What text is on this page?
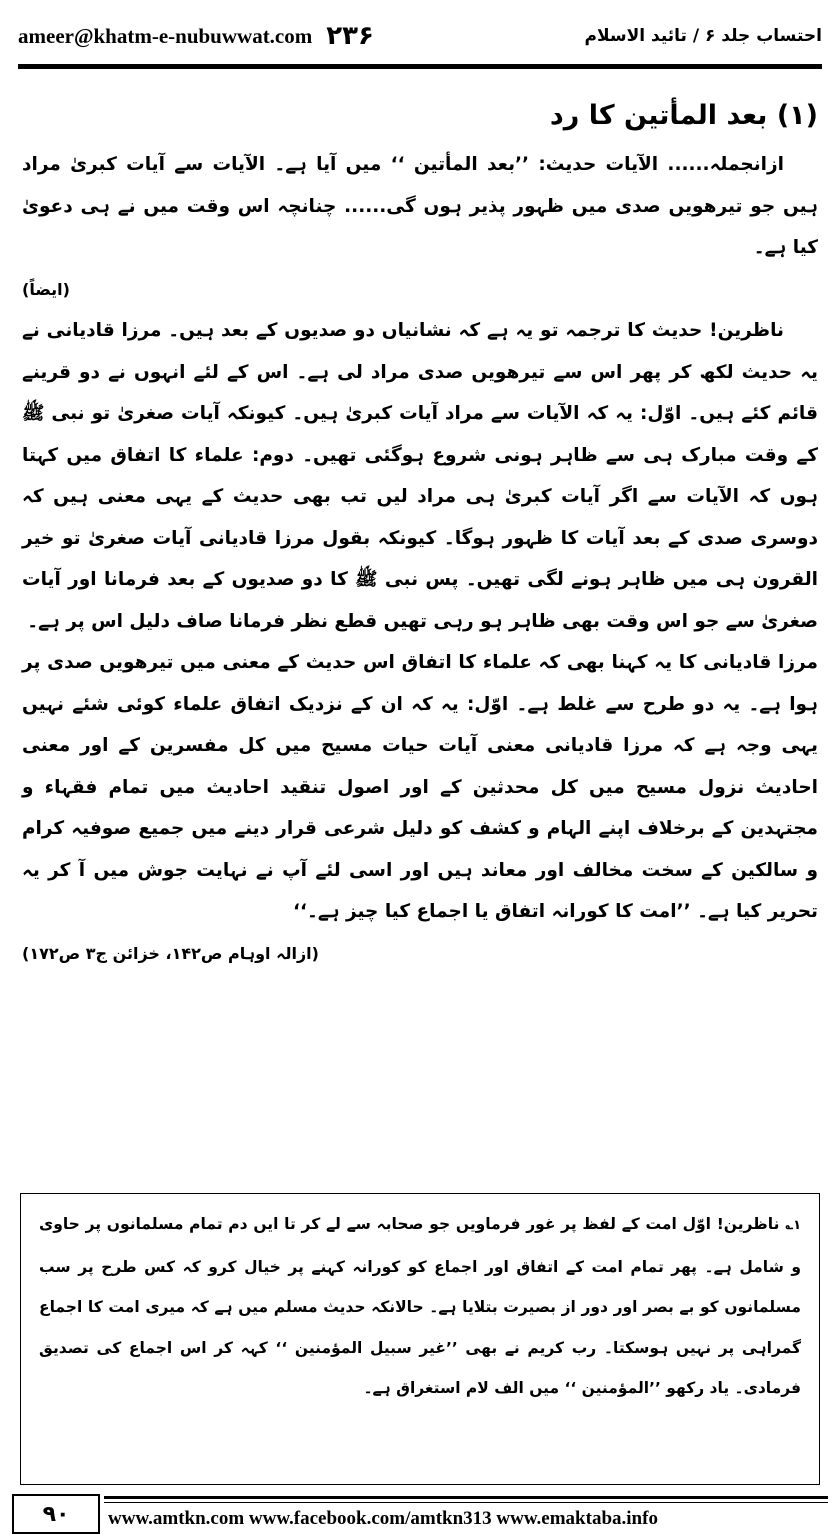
ameer@khatm-e-nubuwwat.com ۲۳۶	احتساب جلد ۶ / تائید الاسلام
(۱) بعد المأتین کا رد

ازانجملہ...... الآیات حدیث: ’’بعد المأتین ‘‘ میں آیا ہے۔ الآیات سے آیات کبریٰ مراد ہیں جو تیرھویں صدی میں ظہور پذیر ہوں گی...... چنانچہ اس وقت میں نے ہی دعویٰ کیا ہے۔

(ایضاً)

ناظرین! حدیث کا ترجمہ تو یہ ہے کہ نشانیاں دو صدیوں کے بعد ہیں۔ مرزا قادیانی نے یہ حدیث لکھ کر پھر اس سے تیرھویں صدی مراد لی ہے۔ اس کے لئے انہوں نے دو قرینے قائم کئے ہیں۔ اوّل: یہ کہ الآیات سے مراد آیات کبریٰ ہیں۔ کیونکہ آیات صغریٰ تو نبی ﷺ کے وقت مبارک ہی سے ظاہر ہونی شروع ہوگئی تھیں۔ دوم: علماء کا اتفاق میں کہتا ہوں کہ الآیات سے اگر آیات کبریٰ ہی مراد لیں تب بھی حدیث کے یہی معنی ہیں کہ دوسری صدی کے بعد آیات کا ظہور ہوگا۔ کیونکہ بقول مرزا قادیانی آیات صغریٰ تو خیر القرون ہی میں ظاہر ہونے لگی تھیں۔ پس نبی ﷺ کا دو صدیوں کے بعد فرمانا اور آیات صغریٰ سے جو اس وقت بھی ظاہر ہو رہی تھیں قطع نظر فرمانا صاف دلیل اس پر ہے۔

مرزا قادیانی کا یہ کہنا بھی کہ علماء کا اتفاق اس حدیث کے معنی میں تیرھویں صدی پر ہوا ہے۔ یہ دو طرح سے غلط ہے۔ اوّل: یہ کہ ان کے نزدیک اتفاق علماء کوئی شئے نہیں یہی وجہ ہے کہ مرزا قادیانی معنی آیات حیات مسیح میں کل مفسرین کے اور معنی احادیث نزول مسیح میں کل محدثین کے اور اصول تنقید احادیث میں تمام فقہاء و مجتہدین کے برخلاف اپنے الہام و کشف کو دلیل شرعی قرار دینے میں جمیع صوفیہ کرام و سالکین کے سخت مخالف اور معاند ہیں اور اسی لئے آپ نے نہایت جوش میں آ کر یہ تحریر کیا ہے۔ ’’امت کا کورانہ اتفاق یا اجماع کیا چیز ہے۔‘‘

(ازالہ اوہام ص۱۴۲، خزائن ج۳ ص۱۷۲)
۱؎ناظرین! اوّل امت کے لفظ پر غور فرماویں جو صحابہ سے لے کر تا ایں دم تمام مسلمانوں پر حاوی و شامل ہے۔ پھر تمام امت کے اتفاق اور اجماع کو کورانہ کہنے پر خیال کرو کہ کس طرح پر سب مسلمانوں کو بے بصر اور دور از بصیرت بتلایا ہے۔ حالانکہ حدیث مسلم میں ہے کہ میری امت کا اجماع گمراہی پر نہیں ہوسکتا۔ رب کریم نے بھی ’’غیر سبیل المؤمنین ‘‘ کہہ کر اس اجماع کی تصدیق فرمادی۔ یاد رکھو ’’المؤمنین ‘‘ میں الف لام استغراق ہے۔
۹۰	www.amtkn.com www.facebook.com/amtkn313 www.emaktaba.info
